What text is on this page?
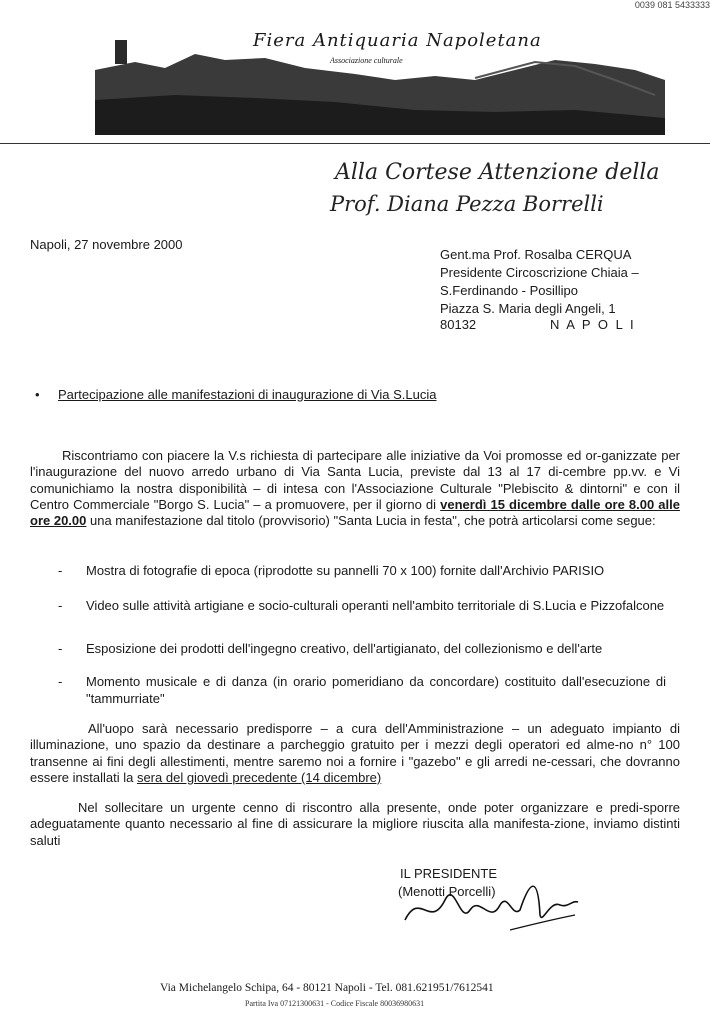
0039 081 5433333
Fiera Antiquaria Napoletana
Associazione culturale
Alla Cortese Attenzione della
Prof. Diana Pezza Borrelli
Napoli, 27 novembre 2000
Gent.ma Prof. Rosalba CERQUA
Presidente Circoscrizione Chiaia –
S.Ferdinando - Posillipo
Piazza S. Maria degli Angeli, 1
80132	N A P O L I
• Partecipazione alle manifestazioni di inaugurazione di Via S.Lucia
Riscontriamo con piacere la V.s richiesta di partecipare alle iniziative da Voi promosse ed or-ganizzate per l'inaugurazione del nuovo arredo urbano di Via Santa Lucia, previste dal 13 al 17 di-cembre pp.vv. e Vi comunichiamo la nostra disponibilità – di intesa con l'Associazione Culturale "Plebiscito & dintorni" e con il Centro Commerciale "Borgo S. Lucia" – a promuovere, per il giorno di venerdì 15 dicembre dalle ore 8.00 alle ore 20.00 una manifestazione dal titolo (provvisorio) "Santa Lucia in festa", che potrà articolarsi come segue:
- Mostra di fotografie di epoca (riprodotte su pannelli 70 x 100) fornite dall'Archivio PARISIO
- Video sulle attività artigiane e socio-culturali operanti nell'ambito territoriale di S.Lucia e Pizzofalcone
- Esposizione dei prodotti dell'ingegno creativo, dell'artigianato, del collezionismo e dell'arte
- Momento musicale e di danza (in orario pomeridiano da concordare) costituito dall'esecuzione di "tammurriate"
All'uopo sarà necessario predisporre – a cura dell'Amministrazione – un adeguato impianto di illuminazione, uno spazio da destinare a parcheggio gratuito per i mezzi degli operatori ed alme-no n° 100 transenne ai fini degli allestimenti, mentre saremo noi a fornire i "gazebo" e gli arredi ne-cessari, che dovranno essere installati la sera del giovedì precedente (14 dicembre)
Nel sollecitare un urgente cenno di riscontro alla presente, onde poter organizzare e predi-sporre adeguatamente quanto necessario al fine di assicurare la migliore riuscita alla manifesta-zione, inviamo distinti saluti
IL PRESIDENTE
(Menotti Porcelli)
Via Michelangelo Schipa, 64 - 80121 Napoli - Tel. 081.621951/7612541
Partita Iva 07121300631 - Codice Fiscale 80036980631
